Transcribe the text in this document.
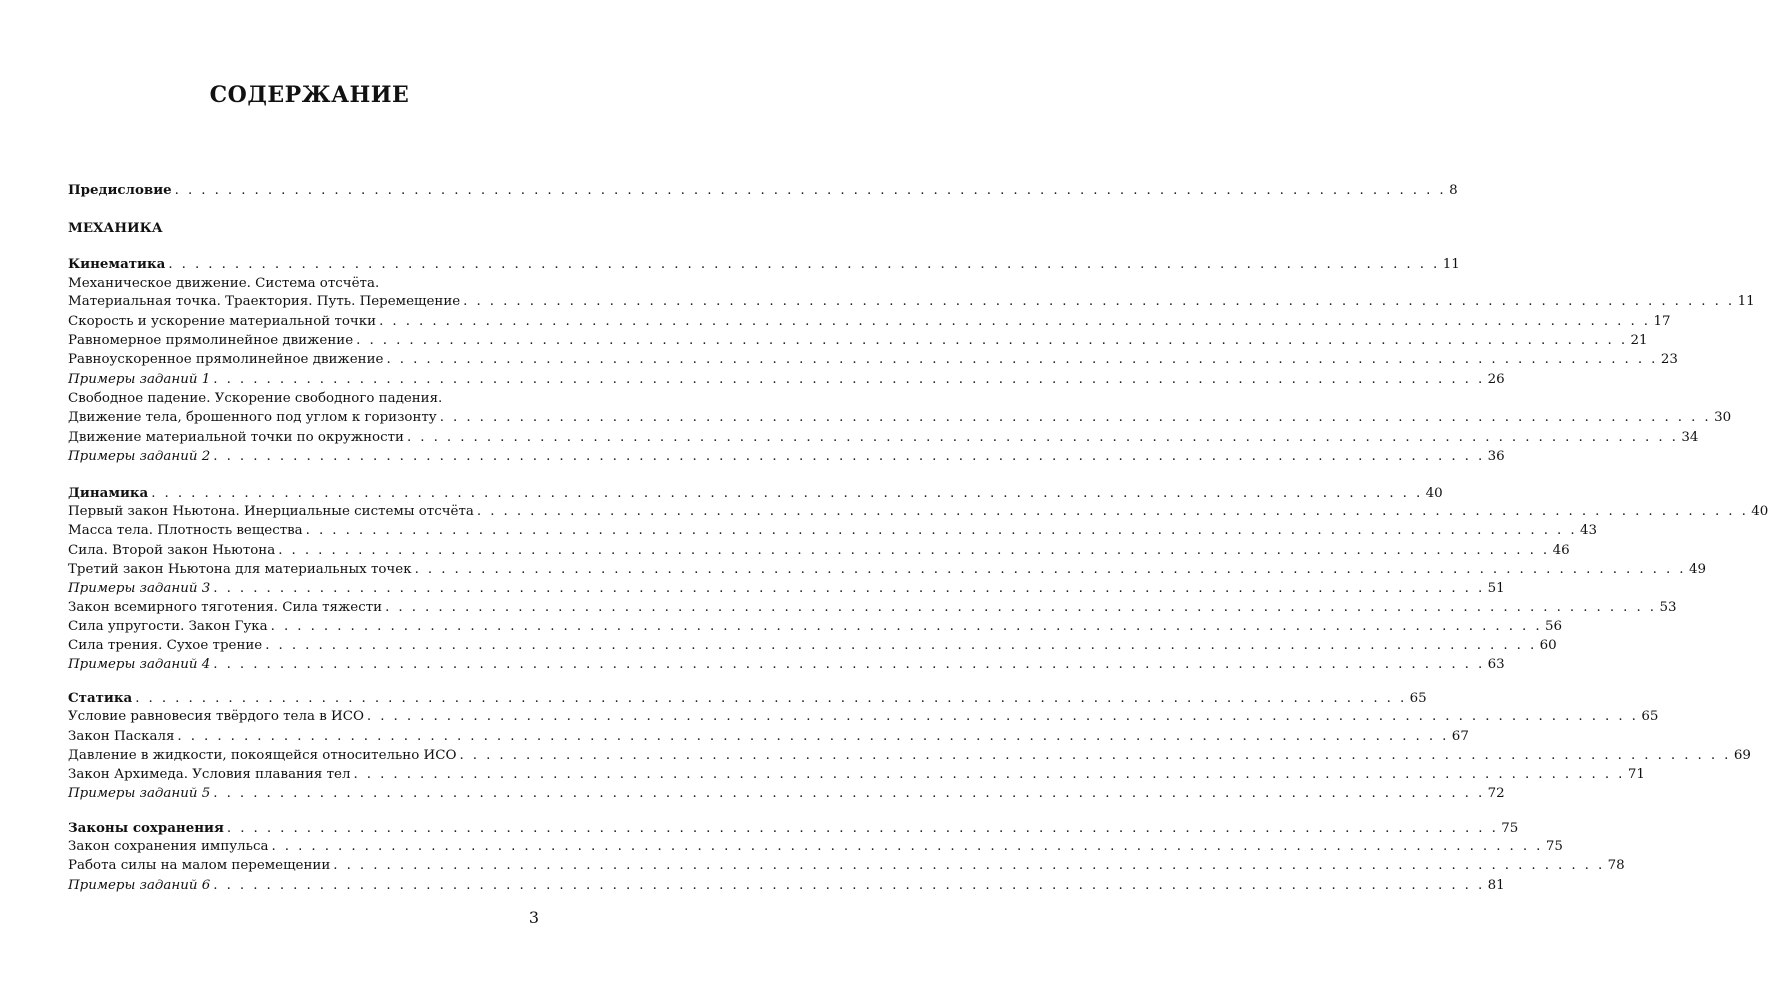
СОДЕРЖАНИЕ
Предисловие . . . . . . . . . . . . . . . . . . . . . . . . . . . . . . . . . . . . . . . . . . . . . . . . . . . . . . . . . . . . . . . . . . . . . . . . . . . . . . . . . . . . . . . . . . . . . . . . 8
МЕХАНИКА
Кинематика . . . . . . . . . . . . . . . . . . . . . . . . . . . . . . . . . . . . . . . . . . . . . . . . . . . . . . . . . . . . . . . . . . . . . . . . . . . . . . . . . . . . . . . . . . . . . . . . 11
Механическое движение. Система отсчёта.
Материальная точка. Траектория. Путь. Перемещение . . . . . . . . . . . . . . . . . . . . . . . . . . . . . . . . . . . . . . . . . . . . . . . . . . . . . . . . . . . . . . . . . . . . . . . . . . . . . . . . . . . . . . . . . . . . . . . . 11
Скорость и ускорение материальной точки . . . . . . . . . . . . . . . . . . . . . . . . . . . . . . . . . . . . . . . . . . . . . . . . . . . . . . . . . . . . . . . . . . . . . . . . . . . . . . . . . . . . . . . . . . . . . . . . 17
Равномерное прямолинейное движение . . . . . . . . . . . . . . . . . . . . . . . . . . . . . . . . . . . . . . . . . . . . . . . . . . . . . . . . . . . . . . . . . . . . . . . . . . . . . . . . . . . . . . . . . . . . . . . . 21
Равноускоренное прямолинейное движение . . . . . . . . . . . . . . . . . . . . . . . . . . . . . . . . . . . . . . . . . . . . . . . . . . . . . . . . . . . . . . . . . . . . . . . . . . . . . . . . . . . . . . . . . . . . . . . . 23
Примеры заданий 1 . . . . . . . . . . . . . . . . . . . . . . . . . . . . . . . . . . . . . . . . . . . . . . . . . . . . . . . . . . . . . . . . . . . . . . . . . . . . . . . . . . . . . . . . . . . . . . . . 26
Свободное падение. Ускорение свободного падения.
Движение тела, брошенного под углом к горизонту . . . . . . . . . . . . . . . . . . . . . . . . . . . . . . . . . . . . . . . . . . . . . . . . . . . . . . . . . . . . . . . . . . . . . . . . . . . . . . . . . . . . . . . . . . . . . . . . 30
Движение материальной точки по окружности . . . . . . . . . . . . . . . . . . . . . . . . . . . . . . . . . . . . . . . . . . . . . . . . . . . . . . . . . . . . . . . . . . . . . . . . . . . . . . . . . . . . . . . . . . . . . . . . 34
Примеры заданий 2 . . . . . . . . . . . . . . . . . . . . . . . . . . . . . . . . . . . . . . . . . . . . . . . . . . . . . . . . . . . . . . . . . . . . . . . . . . . . . . . . . . . . . . . . . . . . . . . . 36
Динамика . . . . . . . . . . . . . . . . . . . . . . . . . . . . . . . . . . . . . . . . . . . . . . . . . . . . . . . . . . . . . . . . . . . . . . . . . . . . . . . . . . . . . . . . . . . . . . . . 40
Первый закон Ньютона. Инерциальные системы отсчёта . . . . . . . . . . . . . . . . . . . . . . . . . . . . . . . . . . . . . . . . . . . . . . . . . . . . . . . . . . . . . . . . . . . . . . . . . . . . . . . . . . . . . . . . . . . . . . . . 40
Масса тела. Плотность вещества . . . . . . . . . . . . . . . . . . . . . . . . . . . . . . . . . . . . . . . . . . . . . . . . . . . . . . . . . . . . . . . . . . . . . . . . . . . . . . . . . . . . . . . . . . . . . . . . 43
Сила. Второй закон Ньютона . . . . . . . . . . . . . . . . . . . . . . . . . . . . . . . . . . . . . . . . . . . . . . . . . . . . . . . . . . . . . . . . . . . . . . . . . . . . . . . . . . . . . . . . . . . . . . . . 46
Третий закон Ньютона для материальных точек . . . . . . . . . . . . . . . . . . . . . . . . . . . . . . . . . . . . . . . . . . . . . . . . . . . . . . . . . . . . . . . . . . . . . . . . . . . . . . . . . . . . . . . . . . . . . . . . 49
Примеры заданий 3 . . . . . . . . . . . . . . . . . . . . . . . . . . . . . . . . . . . . . . . . . . . . . . . . . . . . . . . . . . . . . . . . . . . . . . . . . . . . . . . . . . . . . . . . . . . . . . . . 51
Закон всемирного тяготения. Сила тяжести . . . . . . . . . . . . . . . . . . . . . . . . . . . . . . . . . . . . . . . . . . . . . . . . . . . . . . . . . . . . . . . . . . . . . . . . . . . . . . . . . . . . . . . . . . . . . . . . 53
Сила упругости. Закон Гука . . . . . . . . . . . . . . . . . . . . . . . . . . . . . . . . . . . . . . . . . . . . . . . . . . . . . . . . . . . . . . . . . . . . . . . . . . . . . . . . . . . . . . . . . . . . . . . . 56
Сила трения. Сухое трение . . . . . . . . . . . . . . . . . . . . . . . . . . . . . . . . . . . . . . . . . . . . . . . . . . . . . . . . . . . . . . . . . . . . . . . . . . . . . . . . . . . . . . . . . . . . . . . . 60
Примеры заданий 4 . . . . . . . . . . . . . . . . . . . . . . . . . . . . . . . . . . . . . . . . . . . . . . . . . . . . . . . . . . . . . . . . . . . . . . . . . . . . . . . . . . . . . . . . . . . . . . . . 63
Статика . . . . . . . . . . . . . . . . . . . . . . . . . . . . . . . . . . . . . . . . . . . . . . . . . . . . . . . . . . . . . . . . . . . . . . . . . . . . . . . . . . . . . . . . . . . . . . . . 65
Условие равновесия твёрдого тела в ИСО . . . . . . . . . . . . . . . . . . . . . . . . . . . . . . . . . . . . . . . . . . . . . . . . . . . . . . . . . . . . . . . . . . . . . . . . . . . . . . . . . . . . . . . . . . . . . . . . 65
Закон Паскаля . . . . . . . . . . . . . . . . . . . . . . . . . . . . . . . . . . . . . . . . . . . . . . . . . . . . . . . . . . . . . . . . . . . . . . . . . . . . . . . . . . . . . . . . . . . . . . . . 67
Давление в жидкости, покоящейся относительно ИСО . . . . . . . . . . . . . . . . . . . . . . . . . . . . . . . . . . . . . . . . . . . . . . . . . . . . . . . . . . . . . . . . . . . . . . . . . . . . . . . . . . . . . . . . . . . . . . . . 69
Закон Архимеда. Условия плавания тел . . . . . . . . . . . . . . . . . . . . . . . . . . . . . . . . . . . . . . . . . . . . . . . . . . . . . . . . . . . . . . . . . . . . . . . . . . . . . . . . . . . . . . . . . . . . . . . . 71
Примеры заданий 5 . . . . . . . . . . . . . . . . . . . . . . . . . . . . . . . . . . . . . . . . . . . . . . . . . . . . . . . . . . . . . . . . . . . . . . . . . . . . . . . . . . . . . . . . . . . . . . . . 72
Законы сохранения . . . . . . . . . . . . . . . . . . . . . . . . . . . . . . . . . . . . . . . . . . . . . . . . . . . . . . . . . . . . . . . . . . . . . . . . . . . . . . . . . . . . . . . . . . . . . . . . 75
Закон сохранения импульса . . . . . . . . . . . . . . . . . . . . . . . . . . . . . . . . . . . . . . . . . . . . . . . . . . . . . . . . . . . . . . . . . . . . . . . . . . . . . . . . . . . . . . . . . . . . . . . . 75
Работа силы на малом перемещении . . . . . . . . . . . . . . . . . . . . . . . . . . . . . . . . . . . . . . . . . . . . . . . . . . . . . . . . . . . . . . . . . . . . . . . . . . . . . . . . . . . . . . . . . . . . . . . . 78
Примеры заданий 6 . . . . . . . . . . . . . . . . . . . . . . . . . . . . . . . . . . . . . . . . . . . . . . . . . . . . . . . . . . . . . . . . . . . . . . . . . . . . . . . . . . . . . . . . . . . . . . . . 81
3
